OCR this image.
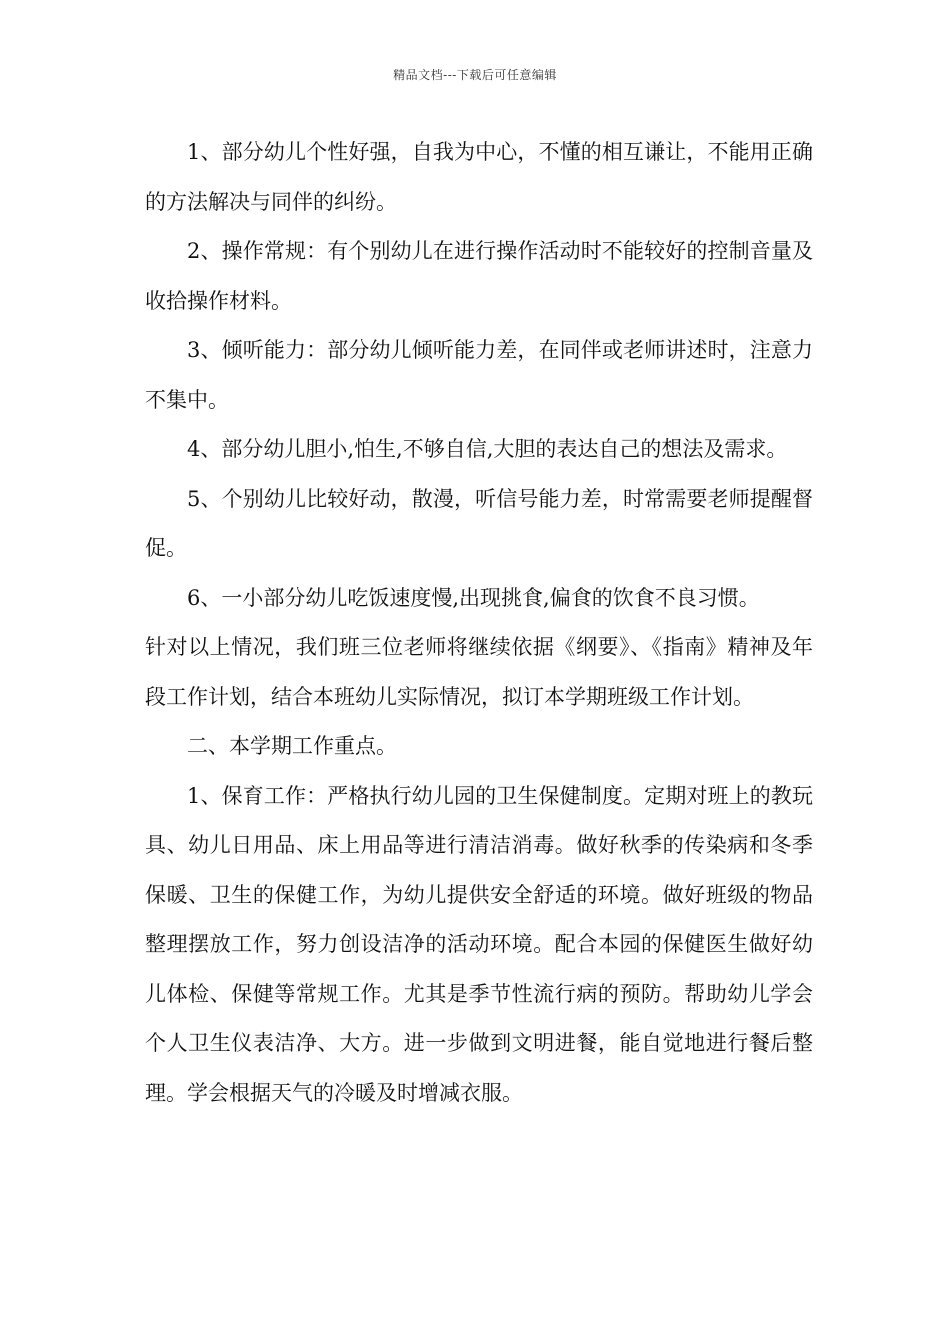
精品文档---下载后可任意编辑

1、部分幼儿个性好强，自我为中心，不懂的相互谦让，不能用正确的方法解决与同伴的纠纷。

2、操作常规：有个别幼儿在进行操作活动时不能较好的控制音量及收拾操作材料。

3、倾听能力：部分幼儿倾听能力差，在同伴或老师讲述时，注意力不集中。

4、部分幼儿胆小,怕生,不够自信,大胆的表达自己的想法及需求。

5、个别幼儿比较好动，散漫，听信号能力差，时常需要老师提醒督促。

6、一小部分幼儿吃饭速度慢,出现挑食,偏食的饮食不良习惯。

针对以上情况，我们班三位老师将继续依据《纲要》、《指南》精神及年段工作计划，结合本班幼儿实际情况，拟订本学期班级工作计划。

二、本学期工作重点。

1、保育工作：严格执行幼儿园的卫生保健制度。定期对班上的教玩具、幼儿日用品、床上用品等进行清洁消毒。做好秋季的传染病和冬季保暖、卫生的保健工作，为幼儿提供安全舒适的环境。做好班级的物品整理摆放工作，努力创设洁净的活动环境。配合本园的保健医生做好幼儿体检、保健等常规工作。尤其是季节性流行病的预防。帮助幼儿学会个人卫生仪表洁净、大方。进一步做到文明进餐，能自觉地进行餐后整理。学会根据天气的冷暖及时增减衣服。
